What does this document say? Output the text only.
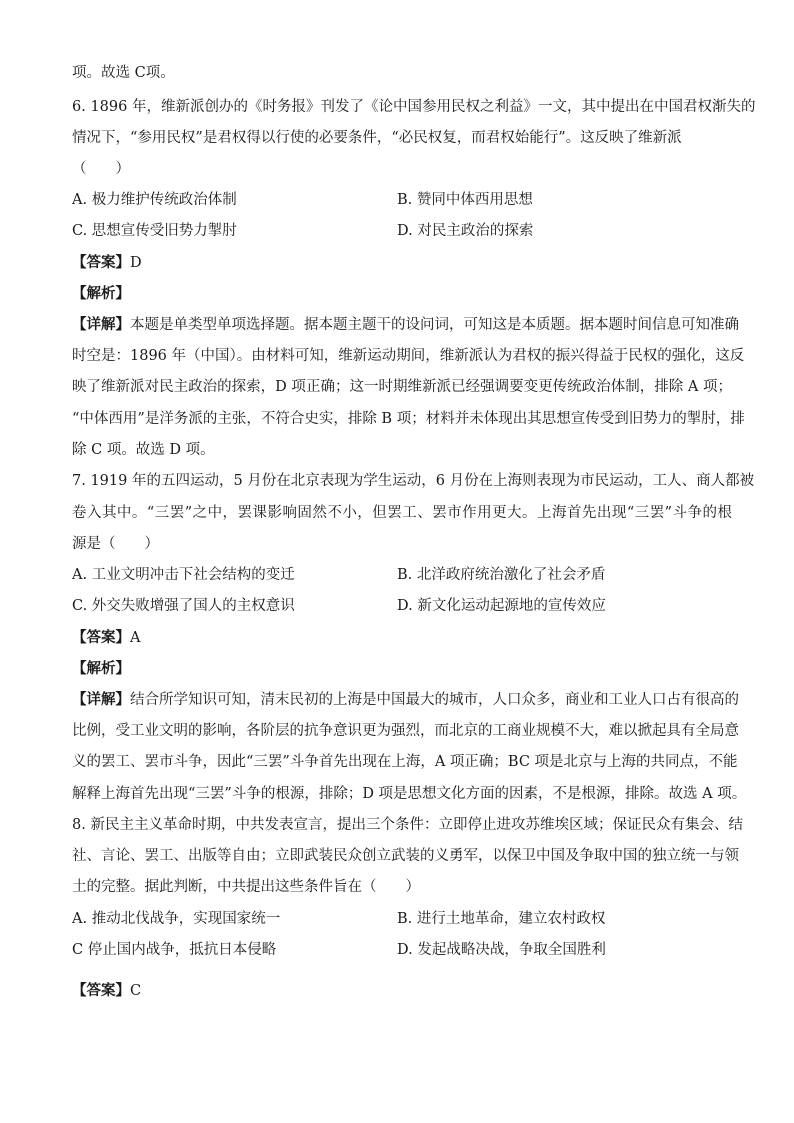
项。故选 C项。
6. 1896 年，维新派创办的《时务报》刊发了《论中国参用民权之利益》一文，其中提出在中国君权渐失的
情况下，“参用民权”是君权得以行使的必要条件，“必民权复，而君权始能行”。这反映了维新派
（　　）
A. 极力维护传统政治体制	B. 赞同中体西用思想
C. 思想宣传受旧势力掣肘	D. 对民主政治的探索
【答案】D
【解析】
【详解】本题是单类型单项选择题。据本题主题干的设问词，可知这是本质题。据本题时间信息可知准确
时空是：1896 年（中国）。由材料可知，维新运动期间，维新派认为君权的振兴得益于民权的强化，这反
映了维新派对民主政治的探索，D 项正确；这一时期维新派已经强调要变更传统政治体制，排除 A 项；
“中体西用”是洋务派的主张，不符合史实，排除 B 项；材料并未体现出其思想宣传受到旧势力的掣肘，排
除 C 项。故选 D 项。
7. 1919 年的五四运动，5 月份在北京表现为学生运动，6 月份在上海则表现为市民运动，工人、商人都被
卷入其中。“三罢”之中，罢课影响固然不小，但罢工、罢市作用更大。上海首先出现“三罢”斗争的根
源是（　　）
A. 工业文明冲击下社会结构的变迁	B. 北洋政府统治激化了社会矛盾
C. 外交失败增强了国人的主权意识	D. 新文化运动起源地的宣传效应
【答案】A
【解析】
【详解】结合所学知识可知，清末民初的上海是中国最大的城市，人口众多，商业和工业人口占有很高的
比例，受工业文明的影响，各阶层的抗争意识更为强烈，而北京的工商业规模不大，难以掀起具有全局意
义的罢工、罢市斗争，因此“三罢”斗争首先出现在上海，A 项正确；BC 项是北京与上海的共同点，不能
解释上海首先出现“三罢”斗争的根源，排除；D 项是思想文化方面的因素，不是根源，排除。故选 A 项。
8. 新民主主义革命时期，中共发表宣言，提出三个条件：立即停止进攻苏维埃区域；保证民众有集会、结
社、言论、罢工、出版等自由；立即武装民众创立武装的义勇军，以保卫中国及争取中国的独立统一与领
土的完整。据此判断，中共提出这些条件旨在（　　）
A. 推动北伐战争，实现国家统一	B. 进行土地革命，建立农村政权
C 停止国内战争，抵抗日本侵略	D. 发起战略决战，争取全国胜利
【答案】C
